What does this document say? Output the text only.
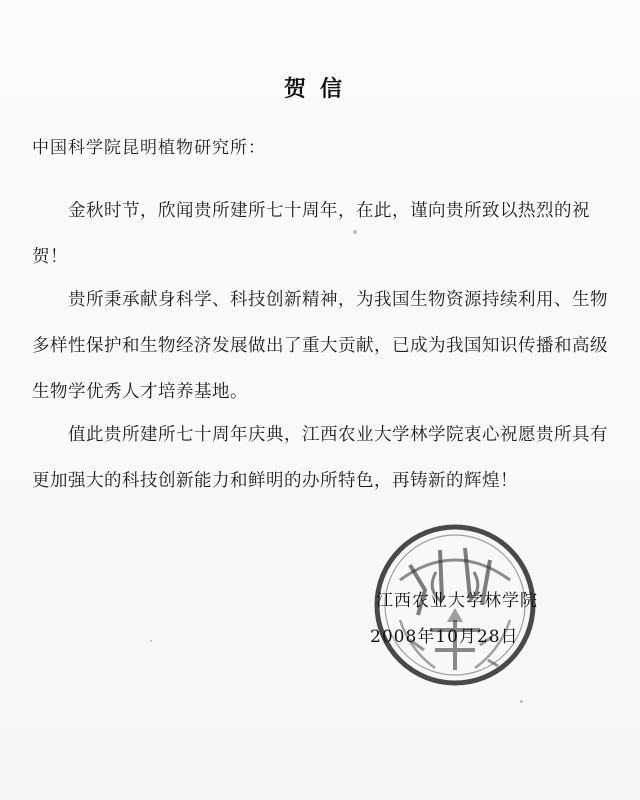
贺信
中国科学院昆明植物研究所：
金秋时节，欣闻贵所建所七十周年，在此，谨向贵所致以热烈的祝贺！
贵所秉承献身科学、科技创新精神，为我国生物资源持续利用、生物多样性保护和生物经济发展做出了重大贡献，已成为我国知识传播和高级生物学优秀人才培养基地。
值此贵所建所七十周年庆典，江西农业大学林学院衷心祝愿贵所具有更加强大的科技创新能力和鲜明的办所特色，再铸新的辉煌！
江西农业大学林学院
2008年10月28日
